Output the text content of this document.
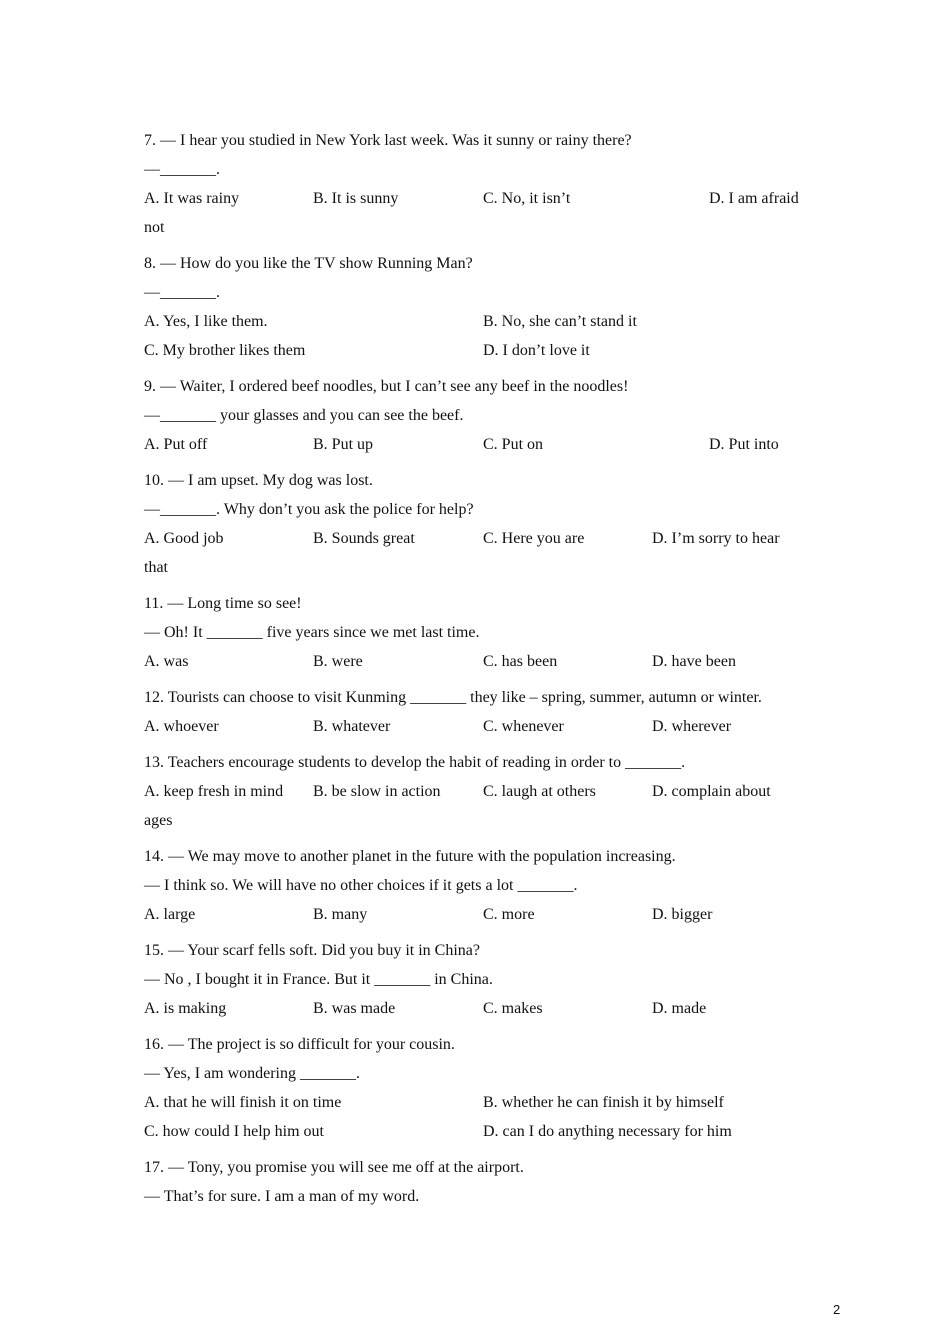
7. — I hear you studied in New York last week. Was it sunny or rainy there?
—_______.
A. It was rainy	B. It is sunny	C. No, it isn’t	D. I am afraid
not
8. — How do you like the TV show Running Man?
—_______.
A. Yes, I like them.	B. No, she can’t stand it
C. My brother likes them	D. I don’t love it
9. — Waiter, I ordered beef noodles, but I can’t see any beef in the noodles!
—_______ your glasses and you can see the beef.
A. Put off	B. Put up	C. Put on	D. Put into
10. — I am upset. My dog was lost.
—_______. Why don’t you ask the police for help?
A. Good job	B. Sounds great	C. Here you are	D. I’m sorry to hear
that
11. — Long time so see!
— Oh! It _______ five years since we met last time.
A. was	B. were	C. has been	D. have been
12. Tourists can choose to visit Kunming _______ they like – spring, summer, autumn or winter.
A. whoever	B. whatever	C. whenever	D. wherever
13. Teachers encourage students to develop the habit of reading in order to _______.
A. keep fresh in mind B. be slow in action	C. laugh at others	D. complain about
ages
14. — We may move to another planet in the future with the population increasing.
— I think so. We will have no other choices if it gets a lot _______.
A. large	B. many	C. more	D. bigger
15. — Your scarf fells soft. Did you buy it in China?
— No , I bought it in France. But it _______ in China.
A. is making	B. was made	C. makes	D. made
16. — The project is so difficult for your cousin.
— Yes, I am wondering _______.
A. that he will finish it on time	B. whether he can finish it by himself
C. how could I help him out	D. can I do anything necessary for him
17. — Tony, you promise you will see me off at the airport.
— That’s for sure. I am a man of my word.
2
